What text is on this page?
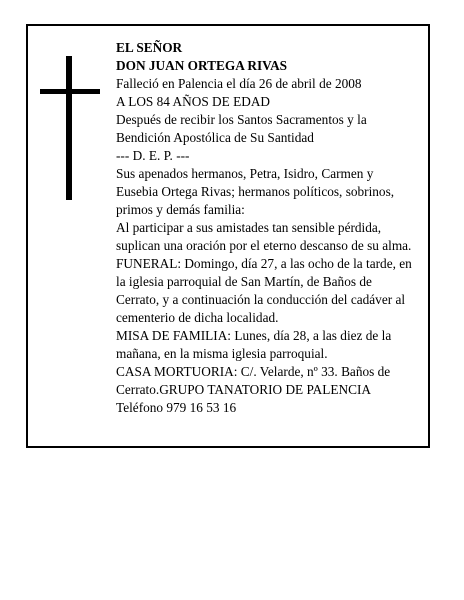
EL SEÑOR
DON JUAN ORTEGA RIVAS
Falleció en Palencia el día 26 de abril de 2008
A LOS 84 AÑOS DE EDAD
Después de recibir los Santos Sacramentos y la
Bendición Apostólica de Su Santidad
--- D. E. P. ---
Sus apenados hermanos, Petra, Isidro, Carmen y
Eusebia Ortega Rivas; hermanos políticos, sobrinos,
primos y demás familia:
Al participar a sus amistades tan sensible pérdida,
suplican una oración por el eterno descanso de su alma.
FUNERAL: Domingo, día 27, a las ocho de la tarde, en
la iglesia parroquial de San Martín, de Baños de
Cerrato, y a continuación la conducción del cadáver al
cementerio de dicha localidad.
MISA DE FAMILIA: Lunes, día 28, a las diez de la
mañana, en la misma iglesia parroquial.
CASA MORTUORIA: C/. Velarde, nº 33. Baños de
Cerrato.GRUPO TANATORIO DE PALENCIA
Teléfono 979 16 53 16
